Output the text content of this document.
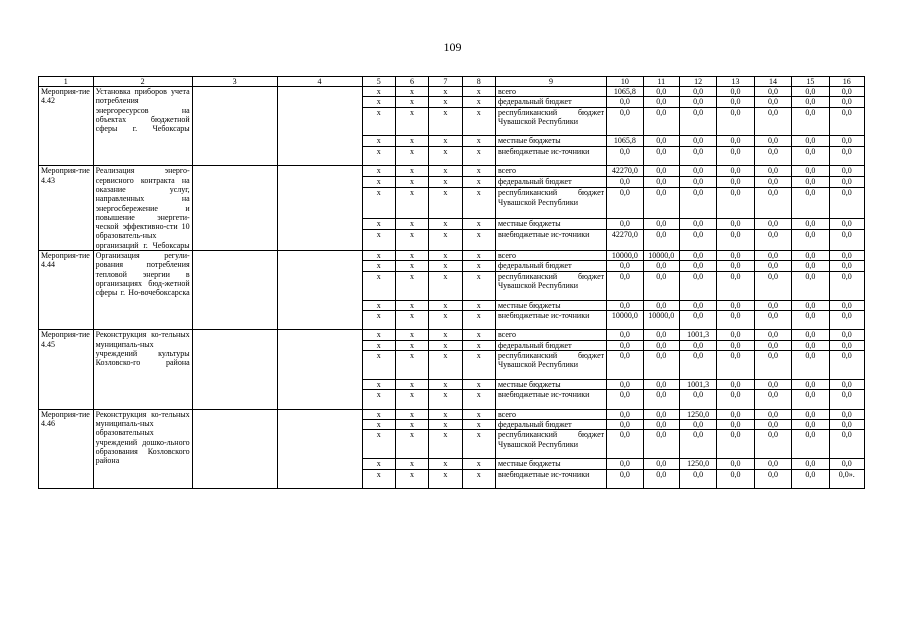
109
1	2	3	4	5	6	7	8	9	10	11	12	13	14	15	16
Мероприя-тие 4.42	Установка приборов учета потребления энергоресурсов на объектах бюджетной сферы г. Чебоксары			x	x	x	x	всего	1065,8	0,0	0,0	0,0	0,0	0,0	0,0
				x	x	x	x	федеральный бюджет	0,0	0,0	0,0	0,0	0,0	0,0	0,0
				x	x	x	x	республиканский бюджет Чувашской Республики	0,0	0,0	0,0	0,0	0,0	0,0	0,0
				x	x	x	x	местные бюджеты	1065,8	0,0	0,0	0,0	0,0	0,0	0,0
				x	x	x	x	внебюджетные ис-точники	0,0	0,0	0,0	0,0	0,0	0,0	0,0
Мероприя-тие 4.43	Реализация энерго-сервисного контракта на оказание услуг, направленных на энергосбережение и повышение энергети-ческой эффективно-сти 10 образователь-ных организаций г. Чебоксары			x	x	x	x	всего	42270,0	0,0	0,0	0,0	0,0	0,0	0,0
				x	x	x	x	федеральный бюджет	0,0	0,0	0,0	0,0	0,0	0,0	0,0
				x	x	x	x	республиканский бюджет Чувашской Республики	0,0	0,0	0,0	0,0	0,0	0,0	0,0
				x	x	x	x	местные бюджеты	0,0	0,0	0,0	0,0	0,0	0,0	0,0
				x	x	x	x	внебюджетные ис-точники	42270,0	0,0	0,0	0,0	0,0	0,0	0,0
Мероприя-тие 4.44	Организация регули-рования потребления тепловой энергии в организациях бюд-жетной сферы г. Но-вочебоксарска			x	x	x	x	всего	10000,0	10000,0	0,0	0,0	0,0	0,0	0,0
				x	x	x	x	федеральный бюджет	0,0	0,0	0,0	0,0	0,0	0,0	0,0
				x	x	x	x	республиканский бюджет Чувашской Республики	0,0	0,0	0,0	0,0	0,0	0,0	0,0
				x	x	x	x	местные бюджеты	0,0	0,0	0,0	0,0	0,0	0,0	0,0
				x	x	x	x	внебюджетные ис-точники	10000,0	10000,0	0,0	0,0	0,0	0,0	0,0
Мероприя-тие 4.45	Реконструкция ко-тельных муниципаль-ных учреждений культуры Козловско-го района			x	x	x	x	всего	0,0	0,0	1001,3	0,0	0,0	0,0	0,0
				x	x	x	x	федеральный бюджет	0,0	0,0	0,0	0,0	0,0	0,0	0,0
				x	x	x	x	республиканский бюджет Чувашской Республики	0,0	0,0	0,0	0,0	0,0	0,0	0,0
				x	x	x	x	местные бюджеты	0,0	0,0	1001,3	0,0	0,0	0,0	0,0
				x	x	x	x	внебюджетные ис-точники	0,0	0,0	0,0	0,0	0,0	0,0	0,0
Мероприя-тие 4.46	Реконструкция ко-тельных муниципаль-ных образовательных учреждений дошко-льного образования Козловского района			x	x	x	x	всего	0,0	0,0	1250,0	0,0	0,0	0,0	0,0
				x	x	x	x	федеральный бюджет	0,0	0,0	0,0	0,0	0,0	0,0	0,0
				x	x	x	x	республиканский бюджет Чувашской Республики	0,0	0,0	0,0	0,0	0,0	0,0	0,0
				x	x	x	x	местные бюджеты	0,0	0,0	1250,0	0,0	0,0	0,0	0,0
				x	x	x	x	внебюджетные ис-точники	0,0	0,0	0,0	0,0	0,0	0,0	0,0».
